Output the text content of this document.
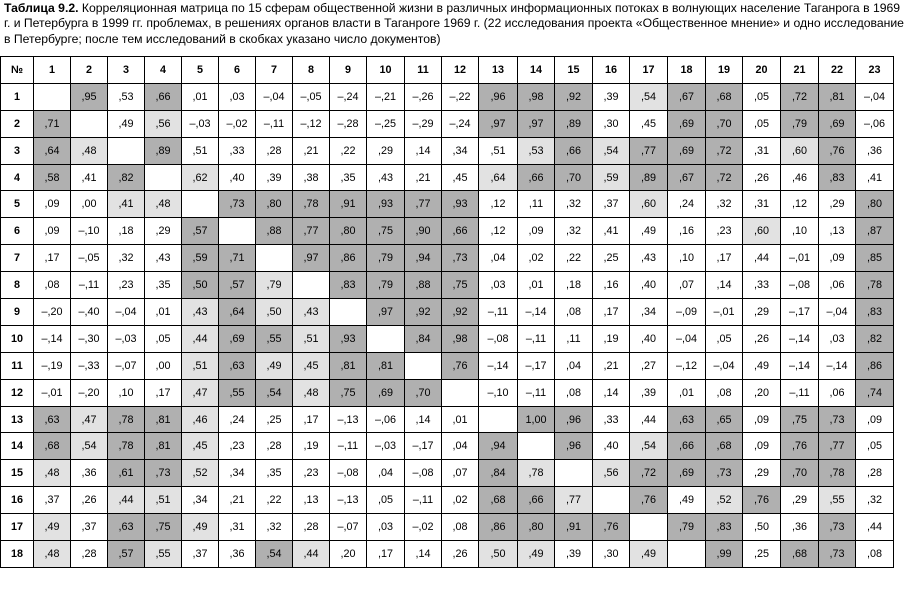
Таблица 9.2. Корреляционная матрица по 15 сферам общественной жизни в различных информационных потоках в волнующих население Таганрога в 1969 г. и Петербурга в 1999 гг. проблемах, в решениях органов власти в Таганроге 1969 г. (22 исследования проекта «Общественное мнение» и одно исследование в Петербурге; после тем исследований в скобках указано число документов)
№	1	2	3	4	5	6	7	8	9	10	11	12	13	14	15	16	17	18	19	20	21	22	23
1		,95	,53	,66	,01	,03	–,04	–,05	–,24	–,21	–,26	–,22	,96	,98	,92	,39	,54	,67	,68	,05	,72	,81	–,04
2	,71		,49	,56	–,03	–,02	–,11	–,12	–,28	–,25	–,29	–,24	,97	,97	,89	,30	,45	,69	,70	,05	,79	,69	–,06
3	,64	,48		,89	,51	,33	,28	,21	,22	,29	,14	,34	,51	,53	,66	,54	,77	,69	,72	,31	,60	,76	,36
4	,58	,41	,82		,62	,40	,39	,38	,35	,43	,21	,45	,64	,66	,70	,59	,89	,67	,72	,26	,46	,83	,41
5	,09	,00	,41	,48		,73	,80	,78	,91	,93	,77	,93	,12	,11	,32	,37	,60	,24	,32	,31	,12	,29	,80
6	,09	–,10	,18	,29	,57		,88	,77	,80	,75	,90	,66	,12	,09	,32	,41	,49	,16	,23	,60	,10	,13	,87
7	,17	–,05	,32	,43	,59	,71		,97	,86	,79	,94	,73	,04	,02	,22	,25	,43	,10	,17	,44	–,01	,09	,85
8	,08	–,11	,23	,35	,50	,57	,79		,83	,79	,88	,75	,03	,01	,18	,16	,40	,07	,14	,33	–,08	,06	,78
9	–,20	–,40	–,04	,01	,43	,64	,50	,43		,97	,92	,92	–,11	–,14	,08	,17	,34	–,09	–,01	,29	–,17	–,04	,83
10	–,14	–,30	–,03	,05	,44	,69	,55	,51	,93		,84	,98	–,08	–,11	,11	,19	,40	–,04	,05	,26	–,14	,03	,82
11	–,19	–,33	–,07	,00	,51	,63	,49	,45	,81	,81		,76	–,14	–,17	,04	,21	,27	–,12	–,04	,49	–,14	–,14	,86
12	–,01	–,20	,10	,17	,47	,55	,54	,48	,75	,69	,70		–,10	–,11	,08	,14	,39	,01	,08	,20	–,11	,06	,74
13	,63	,47	,78	,81	,46	,24	,25	,17	–,13	–,06	,14	,01		1,00	,96	,33	,44	,63	,65	,09	,75	,73	,09
14	,68	,54	,78	,81	,45	,23	,28	,19	–,11	–,03	–,17	,04	,94		,96	,40	,54	,66	,68	,09	,76	,77	,05
15	,48	,36	,61	,73	,52	,34	,35	,23	–,08	,04	–,08	,07	,84	,78		,56	,72	,69	,73	,29	,70	,78	,28
16	,37	,26	,44	,51	,34	,21	,22	,13	–,13	,05	–,11	,02	,68	,66	,77		,76	,49	,52	,76	,29	,55	,32
17	,49	,37	,63	,75	,49	,31	,32	,28	–,07	,03	–,02	,08	,86	,80	,91	,76		,79	,83	,50	,36	,73	,44
18	,48	,28	,57	,55	,37	,36	,54	,44	,20	,17	,14	,26	,50	,49	,39	,30	,49		,99	,25	,68	,73	,08
